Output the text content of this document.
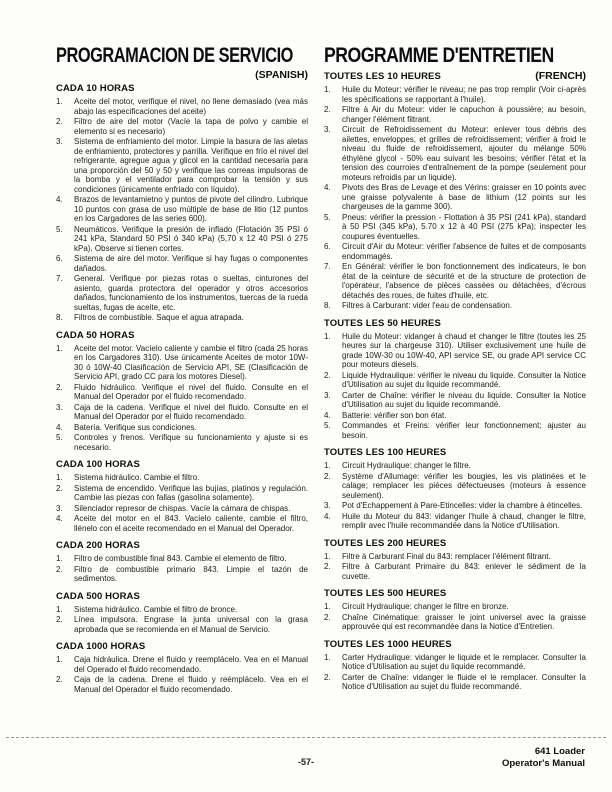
PROGRAMACION DE SERVICIO
(SPANISH)
CADA 10 HORAS
1.	Aceite del motor, verifique el nivel, no llene demasiado (vea más abajo las especificaciones del aceite)
2.	Filtro de aire del motor (Vacíe la tapa de polvo y cambie el elemento si es necesario)
3.	Sistema de enfriamiento del motor. Limpie la basura de las aletas de enfriamiento, protectores y parrilla. Verifique en frío el nivel del refrigerante, agregue agua y glicol en la cantidad necesaria para una proporción del 50 y 50 y verifique las correas impulsoras de la bomba y el ventilador para comprobar la tensión y sus condiciones (únicamente enfriado con líquido).
4.	Brazos de levantamietno y puntos de pivote del cilindro. Lubrique 10 puntos con grasa de uso múltiple de base de litio (12 puntos en los Cargadores de las series 600).
5.	Neumáticos. Verifique la presión de inflado (Flotación 35 PSI ó 241 kPa, Standard 50 PSI ó 340 kPa) (5,70 x 12 40 PSI ó 275 kPa). Observe si tienen cortes.
6.	Sistema de aire del motor. Verifique si hay fugas o componentes dañados.
7.	General. Verifique por piezas rotas o sueltas, cinturones del asiento, guarda protectora del operador y otros accesorios dañados, funcionamiento de los instrumentos, tuercas de la rueda sueltas, fugas de aceite, etc.
8.	Filtros de combustible. Saque el agua atrapada.
CADA 50 HORAS
1.	Aceite del motor. Vacíelo caliente y cambie el filtro (cada 25 horas en los Cargadores 310). Use únicamente Aceites de motor 10W-30 ó 10W-40 Clasificación de Servicio API, SE (Clasificación de Servicio API, grado CC para los motores Diesel).
2.	Fluido hidráulico. Verifique el nivel del fluido. Consulte en el Manual del Operador por el fluido recomendado.
3.	Caja de la cadena. Verifique el nivel del fluido. Consulte en el Manual del Operador por el fluido recomendado.
4.	Batería. Verifique sus condiciones.
5.	Controles y frenos. Verifique su funcionamiento y ajuste si es necesario.
CADA 100 HORAS
1.	Sistema hidráulico. Cambie el filtro.
2.	Sistema de encendido. Verifique las bujías, platinos y regulación. Cambie las piezas con fallas (gasolina solamente).
3.	Silenciador represor de chispas. Vacíe la cámara de chispas.
4.	Aceite del motor en el 843. Vacíelo caliente, cambie el filtro, llénelo con el aceite recomendado en el Manual del Operador.
CADA 200 HORAS
1.	Filtro de combustible final 843. Cambie el elemento de filtro.
2.	Filtro de combustible primario 843. Limpie el tazón de sedimentos.
CADA 500 HORAS
1.	Sistema hidráulico. Cambie el filtro de bronce.
2.	Línea impulsora. Engrase la junta universal con la grasa aprobada que se recomienda en el Manual de Servicio.
CADA 1000 HORAS
1.	Caja hidráulica. Drene el fluido y reemplácelo. Vea en el Manual del Operado el fluido recomendado.
2.	Caja de la cadena. Drene el fluido y reémplácelo. Vea en el Manual del Operador el fluido recomendado.
PROGRAMME D'ENTRETIEN
TOUTES LES 10 HEURES	(FRENCH)
1.	Huile du Moteur: vérifier le niveau; ne pas trop remplir (Voir ci-après les spécifications se rapportant à l'huile).
2.	Filtre à Air du Moteur: vider le capuchon à poussière; au besoin, changer l'élément filtrant.
3.	Circuit de Refroidissement du Moteur: enlever tous débris des ailettes, enveloppes, et grilles de refroidissement; vérifier à froid le niveau du fluide de refroidissement, ajouter du mélange 50% éthylène glycol - 50% eau suivant les besoins; vérifier l'état et la tension des courroies d'entraînement de la pompe (seulement pour moteurs refroidis par un liquide).
4.	Pivots des Bras de Levage et des Vérins: graisser en 10 points avec une graisse polyvalente à base de lithium (12 points sur les chargeuses de la gamme 300).
5.	Pneus: vérifier la pression - Flottation à 35 PSI (241 kPa), standard à 50 PSI (345 kPa), 5.70 x 12 à 40 PSI (275 kPa); inspecter les coupures éventuelles.
6.	Circuit d'Air du Moteur: vérifier l'absence de fuites et de composants endommagés.
7.	En Général: vérifier le bon fonctionnement des indicateurs, le bon état de la ceinture de sécurité et de la structure de protection de l'opérateur, l'absence de pièces cassées ou détachées, d'écrous détachés des roues, de fuites d'huile, etc.
8.	Filtres à Carburant: vider l'eau de condensation.
TOUTES LES 50 HEURES
1.	Huile du Moteur: vidanger à chaud et changer le filtre (toutes les 25 heures sur la chargeuse 310). Utiliser exclusivement une huile de grade 10W-30 ou 10W-40, API service SE, ou grade API service CC pour moteurs diesels.
2.	Liquide Hydraulique: vérifier le niveau du liquide. Consulter la Notice d'Utilisation au sujet du liquide recommandé.
3.	Carter de Chaîne: vérifier le niveau du liquide. Consulter la Notice d'Utilisation au sujet du liquide recommandé.
4.	Batterie: vérifier son bon état.
5.	Commandes et Freins: vérifier leur fonctionnement; ajuster au besoin.
TOUTES LES 100 HEURES
1.	Circuit Hydraulique: changer le filtre.
2.	Système d'Allumage: vérifier les bougies, les vis platinées et le calage; remplacer les pièces défectueuses (moteurs à essence seulement).
3.	Pot d'Echappement à Pare-Etincelles: vider la chambre à étincelles.
4.	Huile du Moteur du 843: vidanger l'huile à chaud, changer le filtre, remplir avec l'huile recommandée dans la Notice d'Utilisation.
TOUTES LES 200 HEURES
1.	Filtre à Carburant Final du 843: remplacer l'élément filtrant.
2.	Filtre à Carburant Primaire du 843: enlever le sédiment de la cuvette.
TOUTES LES 500 HEURES
1.	Circuit Hydraulique: changer le filtre en bronze.
2.	Chaîne Cinématique: graisser le joint universel avec la graisse approuvée qui est recommandée dans la Notice d'Entretien.
TOUTES LES 1000 HEURES
1.	Carter Hydraulique: vidanger le liquide et le remplacer. Consulter la Notice d'Utilisation au sujet du liquide recommandé.
2.	Carter de Chaîne: vidanger le fluide el le remplacer. Consulter la Notice d'Utilisation au sujet du fluide recommandé.
-57-
641 Loader
Operator's Manual
